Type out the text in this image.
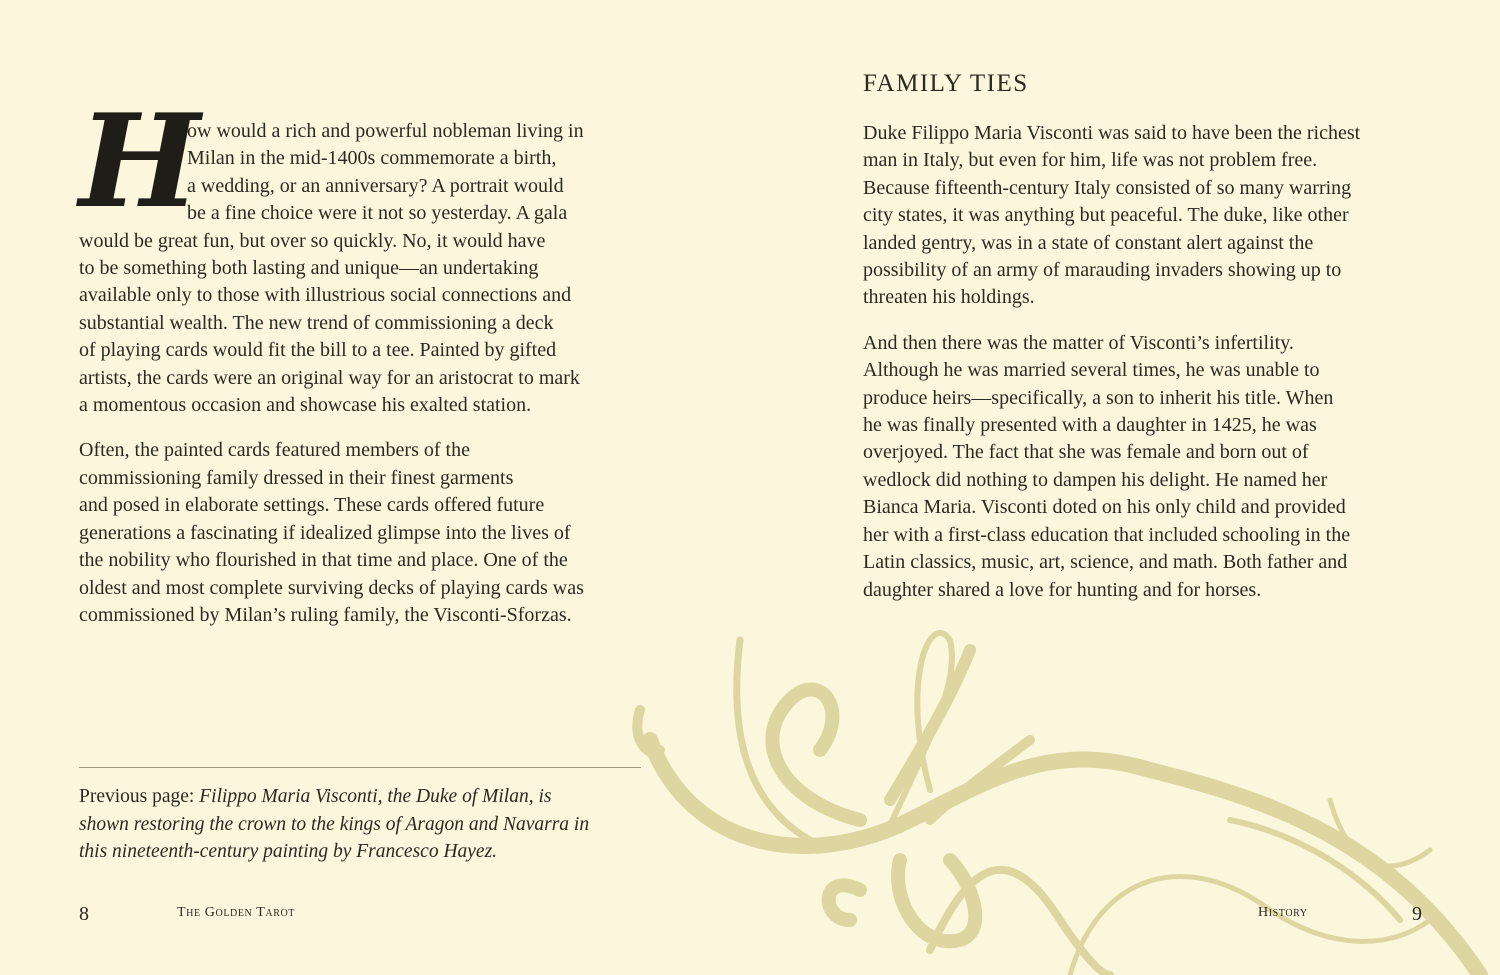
H
ow would a rich and powerful nobleman living in
Milan in the mid-1400s commemorate a birth,
a wedding, or an anniversary? A portrait would
be a fine choice were it not so yesterday. A gala
would be great fun, but over so quickly. No, it would have
to be something both lasting and unique—an undertaking
available only to those with illustrious social connections and
substantial wealth. The new trend of commissioning a deck
of playing cards would fit the bill to a tee. Painted by gifted
artists, the cards were an original way for an aristocrat to mark
a momentous occasion and showcase his exalted station.
Often, the painted cards featured members of the
commissioning family dressed in their finest garments
and posed in elaborate settings. These cards offered future
generations a fascinating if idealized glimpse into the lives of
the nobility who flourished in that time and place. One of the
oldest and most complete surviving decks of playing cards was
commissioned by Milan’s ruling family, the Visconti-Sforzas.
Previous page: Filippo Maria Visconti, the Duke of Milan, is
shown restoring the crown to the kings of Aragon and Navarra in
this nineteenth-century painting by Francesco Hayez.
8	The Golden Tarot
FAMILY TIES
Duke Filippo Maria Visconti was said to have been the richest
man in Italy, but even for him, life was not problem free.
Because fifteenth-century Italy consisted of so many warring
city states, it was anything but peaceful. The duke, like other
landed gentry, was in a state of constant alert against the
possibility of an army of marauding invaders showing up to
threaten his holdings.
And then there was the matter of Visconti’s infertility.
Although he was married several times, he was unable to
produce heirs—specifically, a son to inherit his title. When
he was finally presented with a daughter in 1425, he was
overjoyed. The fact that she was female and born out of
wedlock did nothing to dampen his delight. He named her
Bianca Maria. Visconti doted on his only child and provided
her with a first-class education that included schooling in the
Latin classics, music, art, science, and math. Both father and
daughter shared a love for hunting and for horses.
History	9
